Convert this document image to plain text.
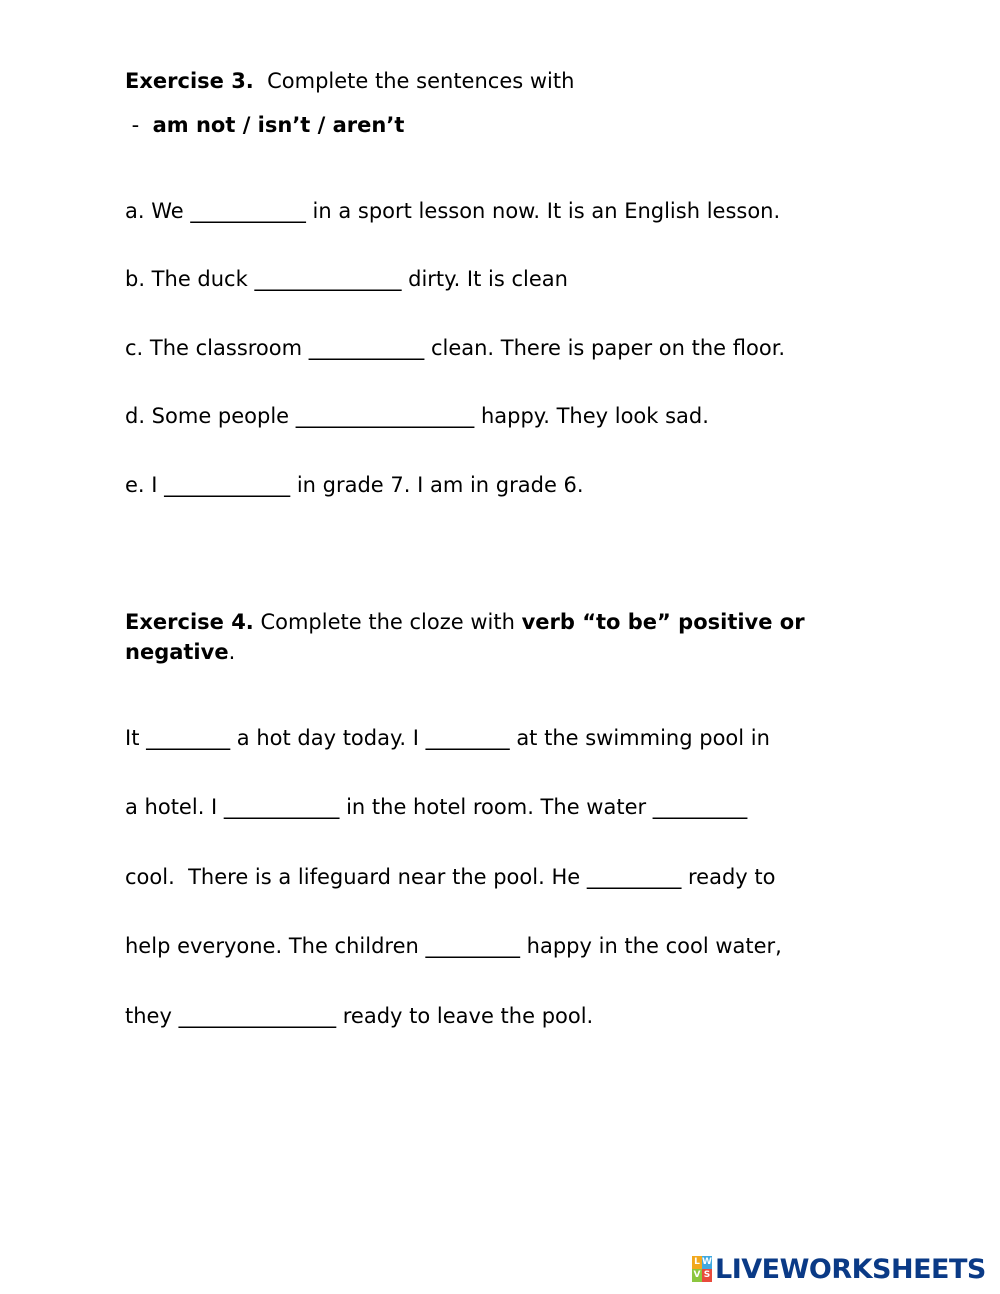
Exercise 3.  Complete the sentences with
-  am not / isn’t / aren’t
a. We ___________ in a sport lesson now. It is an English lesson.
b. The duck ______________ dirty. It is clean
c. The classroom ___________ clean. There is paper on the floor.
d. Some people _________________ happy. They look sad.
e. I ____________ in grade 7. I am in grade 6.
Exercise 4. Complete the cloze with verb “to be” positive or
negative.
It ________ a hot day today. I ________ at the swimming pool in
a hotel. I ___________ in the hotel room. The water _________
cool.  There is a lifeguard near the pool. He _________ ready to
help everyone. The children _________ happy in the cool water,
they _______________ ready to leave the pool.
L W
V S LIVEWORKSHEETS
